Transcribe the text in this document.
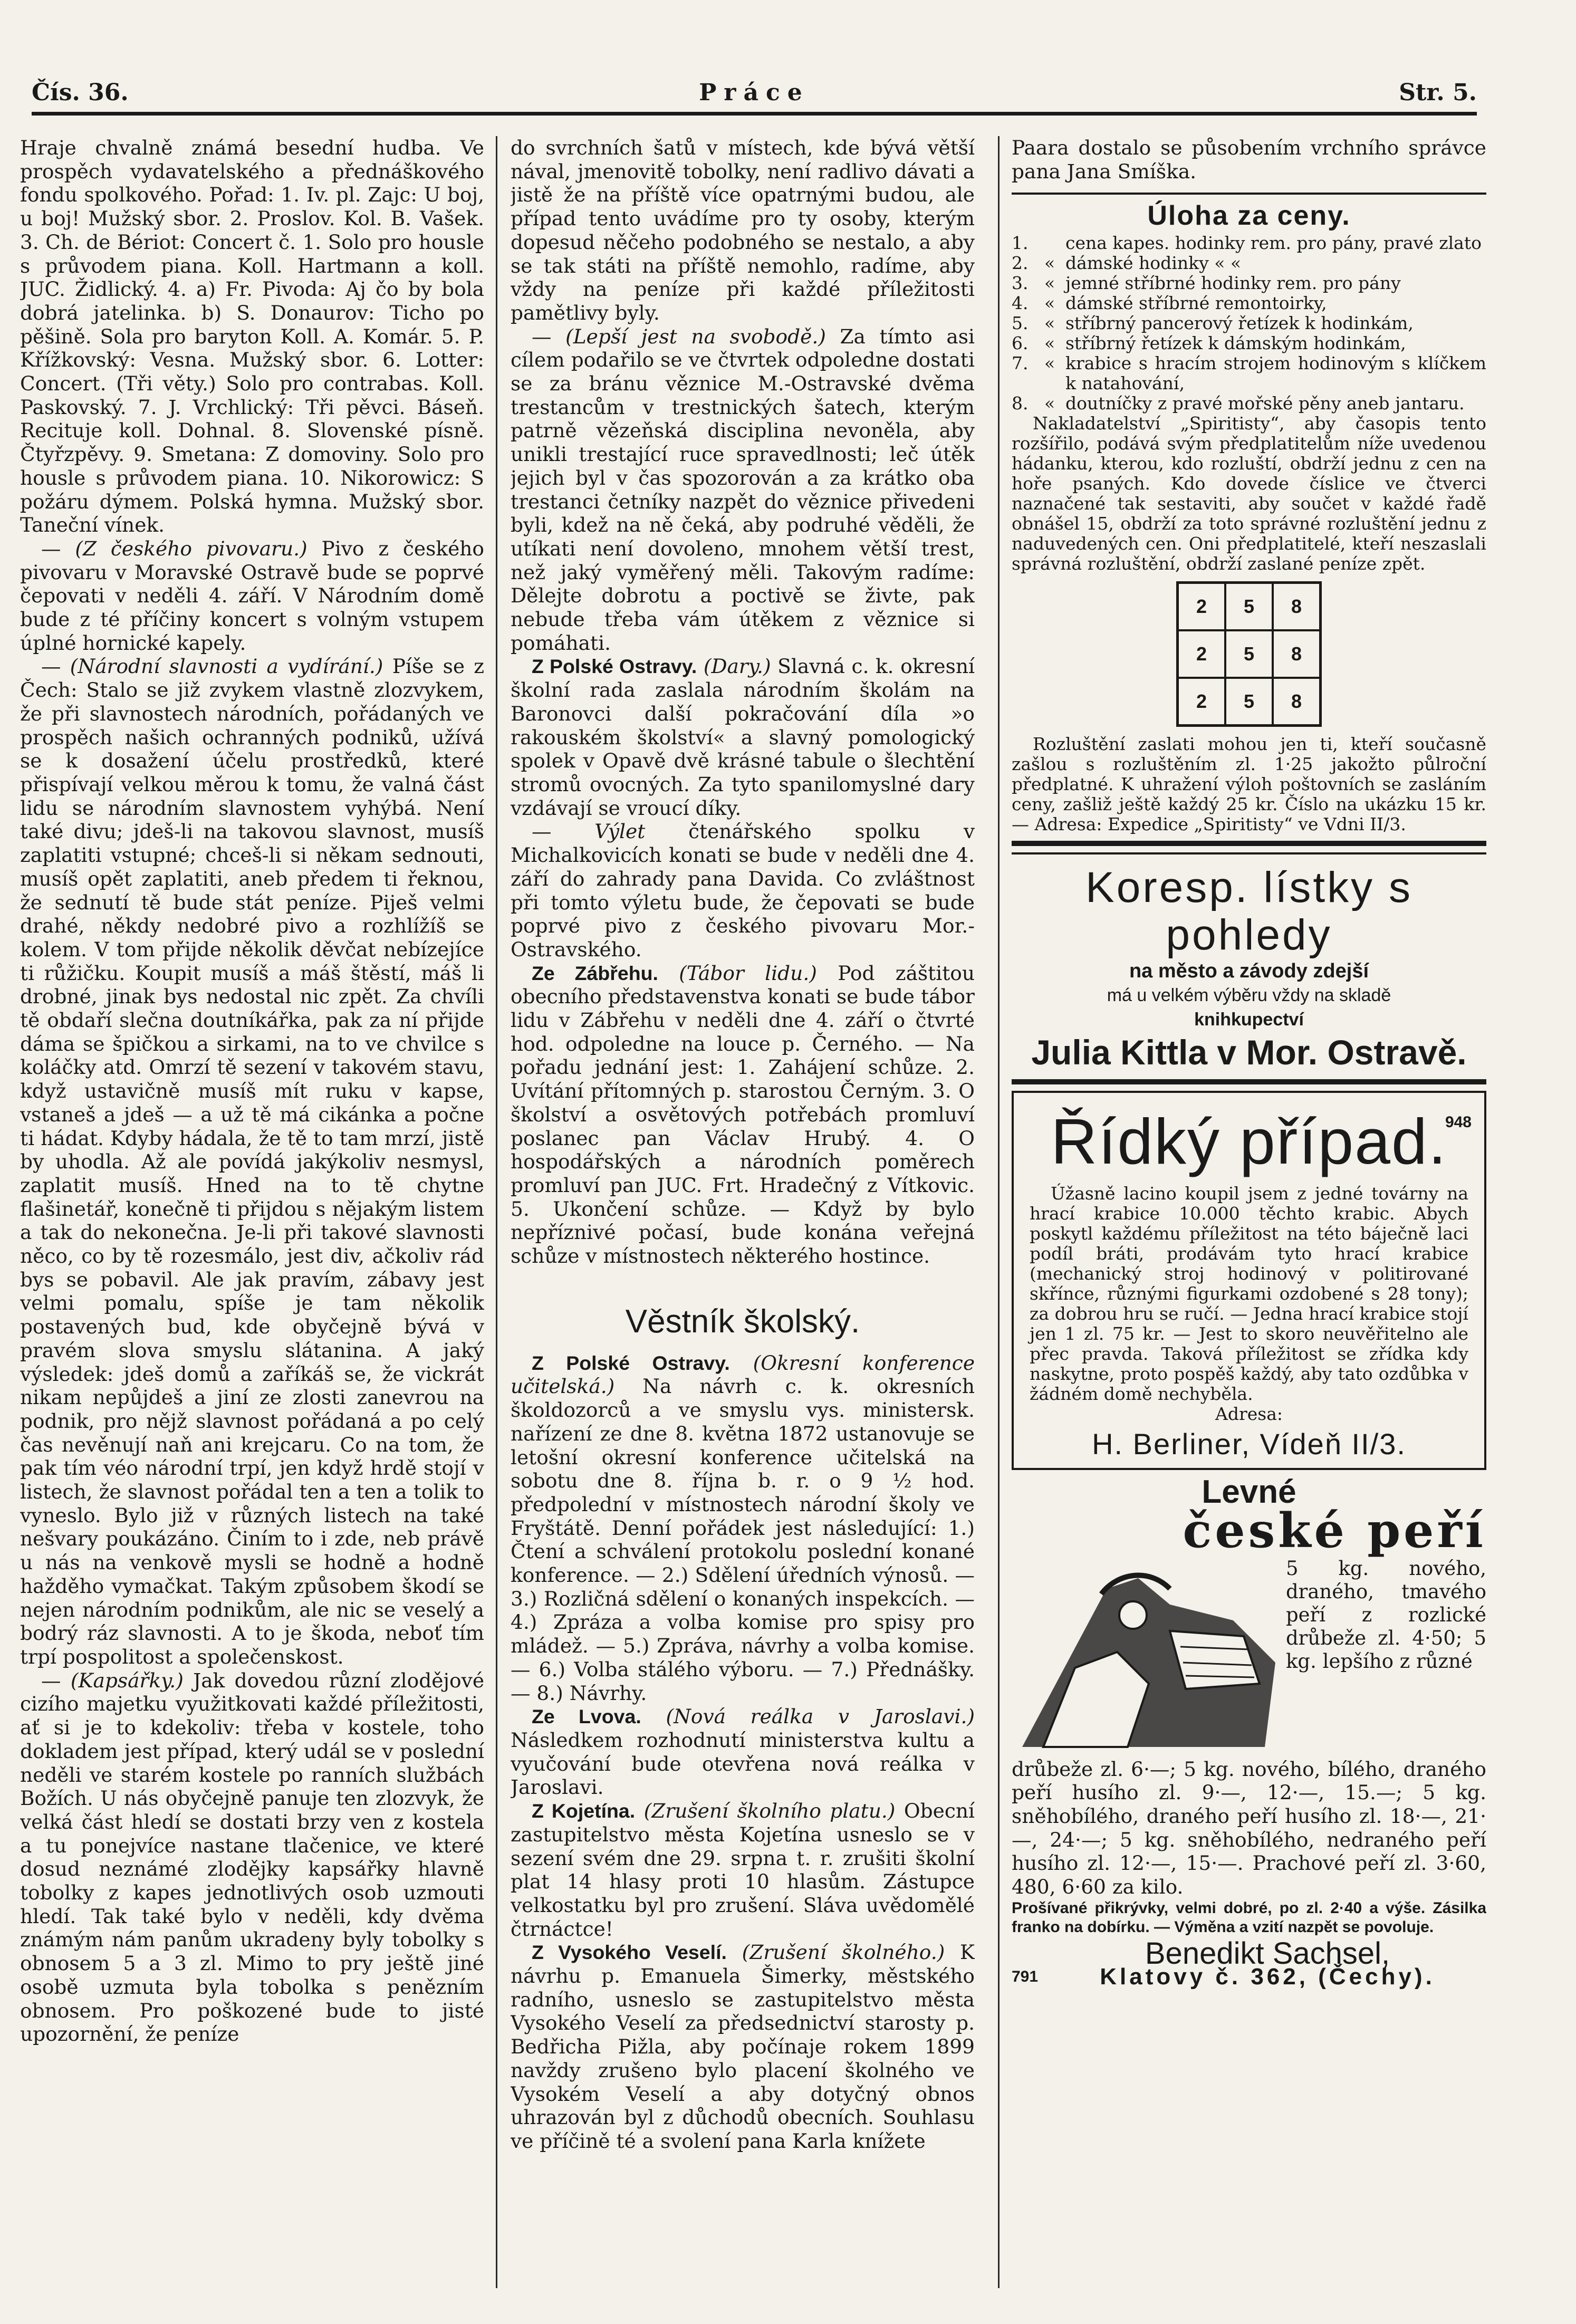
Čís. 36.	Práce	Str. 5.

Hraje chvalně známá besední hudba. Ve prospěch vydavatelského a přednáškového fondu spolkového. Pořad: 1. Iv. pl. Zajc: U boj, u boj! Mužský sbor. 2. Proslov. Kol. B. Vašek. 3. Ch. de Bériot: Concert č. 1. Solo pro housle s průvodem piana. Koll. Hartmann a koll. JUC. Židlický. 4. a) Fr. Pivoda: Aj čo by bola dobrá jatelinka. b) S. Donaurov: Ticho po pěšině. Sola pro baryton Koll. A. Komár. 5. P. Křížkovský: Vesna. Mužský sbor. 6. Lotter: Concert. (Tři věty.) Solo pro contrabas. Koll. Paskovský. 7. J. Vrchlický: Tři pěvci. Báseň. Recituje koll. Dohnal. 8. Slovenské písně. Čtyřzpěvy. 9. Smetana: Z domoviny. Solo pro housle s průvodem piana. 10. Nikorowicz: S požáru dýmem. Polská hymna. Mužský sbor. Taneční vínek.

— (Z českého pivovaru.) Pivo z českého pivovaru v Moravské Ostravě bude se poprvé čepovati v neděli 4. září. V Národním domě bude z té příčiny koncert s volným vstupem úplné hornické kapely.

— (Národní slavnosti a vydírání.) Píše se z Čech: Stalo se již zvykem vlastně zlozvykem, že při slavnostech národních, pořádaných ve prospěch našich ochranných podniků, užívá se k dosažení účelu prostředků, které přispívají velkou měrou k tomu, že valná část lidu se národním slavnostem vyhýbá. Není také divu; jdeš-li na takovou slavnost, musíš zaplatiti vstupné; chceš-li si někam sednouti, musíš opět zaplatiti, aneb předem ti řeknou, že sednutí tě bude stát peníze. Piješ velmi drahé, někdy nedobré pivo a rozhlížíš se kolem. V tom přijde několik děvčat nebízejíce ti růžičku. Koupit musíš a máš štěstí, máš li drobné, jinak bys nedostal nic zpět. Za chvíli tě obdaří slečna doutníkářka, pak za ní přijde dáma se špičkou a sirkami, na to ve chvilce s koláčky atd. Omrzí tě sezení v takovém stavu, když ustavičně musíš mít ruku v kapse, vstaneš a jdeš — a už tě má cikánka a počne ti hádat. Kdyby hádala, že tě to tam mrzí, jistě by uhodla. Až ale povídá jakýkoliv nesmysl, zaplatit musíš. Hned na to tě chytne flašinetář, konečně ti přijdou s nějakým listem a tak do nekonečna. Je-li při takové slavnosti něco, co by tě rozesmálo, jest div, ačkoliv rád bys se pobavil. Ale jak pravím, zábavy jest velmi pomalu, spíše je tam několik postavených bud, kde obyčejně bývá v pravém slova smyslu slátanina. A jaký výsledek: jdeš domů a zaříkáš se, že vickrát nikam nepůjdeš a jiní ze zlosti zanevrou na podnik, pro nějž slavnost pořádaná a po celý čas nevěnují naň ani krejcaru. Co na tom, že pak tím véo národní trpí, jen když hrdě stojí v listech, že slavnost pořádal ten a ten a tolik to vyneslo. Bylo již v různých listech na také nešvary poukázáno. Činím to i zde, neb právě u nás na venkově mysli se hodně a hodně hažděho vymačkat. Takým způsobem škodí se nejen národním podnikům, ale nic se veselý a bodrý ráz slavnosti. A to je škoda, neboť tím trpí pospolitost a společenskost.

— (Kapsářky.) Jak dovedou různí zlodějové cizího majetku využitkovati každé příležitosti, ať si je to kdekoliv: třeba v kostele, toho dokladem jest případ, který udál se v poslední neděli ve starém kostele po ranních službách Božích. U nás obyčejně panuje ten zlozvyk, že velká část hledí se dostati brzy ven z kostela a tu ponejvíce nastane tlačenice, ve které dosud neznámé zlodějky kapsářky hlavně tobolky z kapes jednotlivých osob uzmouti hledí. Tak také bylo v neděli, kdy dvěma známým nám panům ukradeny byly tobolky s obnosem 5 a 3 zl. Mimo to pry ještě jiné osobě uzmuta byla tobolka s penězním obnosem. Pro poškozené bude to jisté upozornění, že peníze

do svrchních šatů v místech, kde bývá větší nával, jmenovitě tobolky, není radlivo dávati a jistě že na příště více opatrnými budou, ale případ tento uvádíme pro ty osoby, kterým dopesud něčeho podobného se nestalo, a aby se tak státi na příště nemohlo, radíme, aby vždy na peníze při každé příležitosti pamětlivy byly.

— (Lepší jest na svobodě.) Za tímto asi cílem podařilo se ve čtvrtek odpoledne dostati se za bránu věznice M.-Ostravské dvěma trestancům v trestnických šatech, kterým patrně vězeňská disciplina nevoněla, aby unikli trestající ruce spravedlnosti; leč útěk jejich byl v čas spozorován a za krátko oba trestanci četníky nazpět do věznice přivedeni byli, kdež na ně čeká, aby podruhé věděli, že utíkati není dovoleno, mnohem větší trest, než jaký vyměřený měli. Takovým radíme: Dělejte dobrotu a poctivě se živte, pak nebude třeba vám útěkem z věznice si pomáhati.

Z Polské Ostravy. (Dary.) Slavná c. k. okresní školní rada zaslala národním školám na Baronovci další pokračování díla »o rakouském školství« a slavný pomologický spolek v Opavě dvě krásné tabule o šlechtění stromů ovocných. Za tyto spanilomyslné dary vzdávají se vroucí díky.

— Výlet čtenářského spolku v Michalkovicích konati se bude v neděli dne 4. září do zahrady pana Davida. Co zvláštnost při tomto výletu bude, že čepovati se bude poprvé pivo z českého pivovaru Mor.-Ostravského.

Ze Zábřehu. (Tábor lidu.) Pod záštitou obecního představenstva konati se bude tábor lidu v Zábřehu v neděli dne 4. září o čtvrté hod. odpoledne na louce p. Černého. — Na pořadu jednání jest: 1. Zahájení schůze. 2. Uvítání přítomných p. starostou Černým. 3. O školství a osvětových potřebách promluví poslanec pan Václav Hrubý. 4. O hospodářských a národních poměrech promluví pan JUC. Frt. Hradečný z Vítkovic. 5. Ukončení schůze. — Když by bylo nepříznivé počasí, bude konána veřejná schůze v místnostech některého hostince.

Věstník školský.

Z Polské Ostravy. (Okresní konference učitelská.) Na návrh c. k. okresních školdozorců a ve smyslu vys. ministersk. nařízení ze dne 8. května 1872 ustanovuje se letošní okresní konference učitelská na sobotu dne 8. října b. r. o 9 ½ hod. předpolední v místnostech národní školy ve Fryštátě. Denní pořádek jest následující: 1.) Čtení a schválení protokolu poslední konané konference. — 2.) Sdělení úředních výnosů. — 3.) Rozličná sdělení o konaných inspekcích. — 4.) Zpráza a volba komise pro spisy pro mládež. — 5.) Zpráva, návrhy a volba komise. — 6.) Volba stálého výboru. — 7.) Přednášky. — 8.) Návrhy.

Ze Lvova. (Nová reálka v Jaroslavi.) Následkem rozhodnutí ministerstva kultu a vyučování bude otevřena nová reálka v Jaroslavi.

Z Kojetína. (Zrušení školního platu.) Obecní zastupitelstvo města Kojetína usneslo se v sezení svém dne 29. srpna t. r. zrušiti školní plat 14 hlasy proti 10 hlasům. Zástupce velkostatku byl pro zrušení. Sláva uvědomělé čtrnáctce!

Z Vysokého Veselí. (Zrušení školného.) K návrhu p. Emanuela Šimerky, městského radního, usneslo se zastupitelstvo města Vysokého Veselí za předsednictví starosty p. Bedřicha Pižla, aby počínaje rokem 1899 navždy zrušeno bylo placení školného ve Vysokém Veselí a aby dotyčný obnos uhrazován byl z důchodů obecních. Souhlasu ve příčině té a svolení pana Karla knížete

Paara dostalo se působením vrchního správce pana Jana Smíška.

Úloha za ceny.
1.	cena kapes. hodinky rem. pro pány, pravé zlato
2. « dámské hodinky « «
3. « jemné stříbrné hodinky rem. pro pány
4. « dámské stříbrné remontoirky,
5. « stříbrný pancerový řetízek k hodinkám,
6. « stříbrný řetízek k dámským hodinkám,
7. « krabice s hracím strojem hodinovým s klíčkem k natahování,
8. « doutníčky z pravé mořské pěny aneb jantaru.

Nakladatelství „Spiritisty“, aby časopis tento rozšířilo, podává svým předplatitelům níže uvedenou hádanku, kterou, kdo rozluští, obdrží jednu z cen na hoře psaných. Kdo dovede číslice ve čtverci naznačené tak sestaviti, aby součet v každé řadě obnášel 15, obdrží za toto správné rozluštění jednu z naduvedených cen. Oni předplatitelé, kteří neszaslali správná rozluštění, obdrží zaslané peníze zpět.

2	5	8
2	5	8
2	5	8

Rozluštění zaslati mohou jen ti, kteří současně zašlou s rozluštěním zl. 1·25 jakožto půlroční předplatné. K uhražení výloh poštovních se zasláním ceny, zašliž ještě každý 25 kr. Číslo na ukázku 15 kr. — Adresa: Expedice „Spiritisty“ ve Vdni II/3.

Koresp. lístky s pohledy
na město a závody zdejší
má u velkém výběru vždy na skladě
knihkupectví
Julia Kittla v Mor. Ostravě.
948
Řídký případ.

Úžasně lacino koupil jsem z jedné továrny na hrací krabice 10.000 těchto krabic. Abych poskytl každému příležitost na této báječně laci podíl bráti, prodávám tyto hrací krabice (mechanický stroj hodinový v politirované skřínce, různými figurkami ozdobené s 28 tony); za dobrou hru se ručí. — Jedna hrací krabice stojí jen 1 zl. 75 kr. — Jest to skoro neuvěřitelno ale přec pravda. Taková příležitost se zřídka kdy naskytne, proto pospěš každý, aby tato ozdůbka v žádném domě nechyběla.

Adresa:
H. Berliner, Vídeň II/3.
Levné
české peří
5 kg. nového, draného, tmavého peří z rozlické drůbeže zl. 4·50; 5 kg. lepšího z různé

drůbeže zl. 6·—; 5 kg. nového, bílého, draného peří husího zl. 9·—, 12·—, 15.—; 5 kg. sněhobílého, draného peří husího zl. 18·—, 21·—, 24·—; 5 kg. sněhobílého, nedraného peří husího zl. 12·—, 15·—. Prachové peří zl. 3·60, 480, 6·60 za kilo.

Prošívané přikrývky, velmi dobré, po zl. 2·40 a výše. Zásilka franko na dobírku. — Výměna a vzití nazpět se povoluje.

791
Benedikt Sachsel,
Klatovy č. 362, (Čechy).
